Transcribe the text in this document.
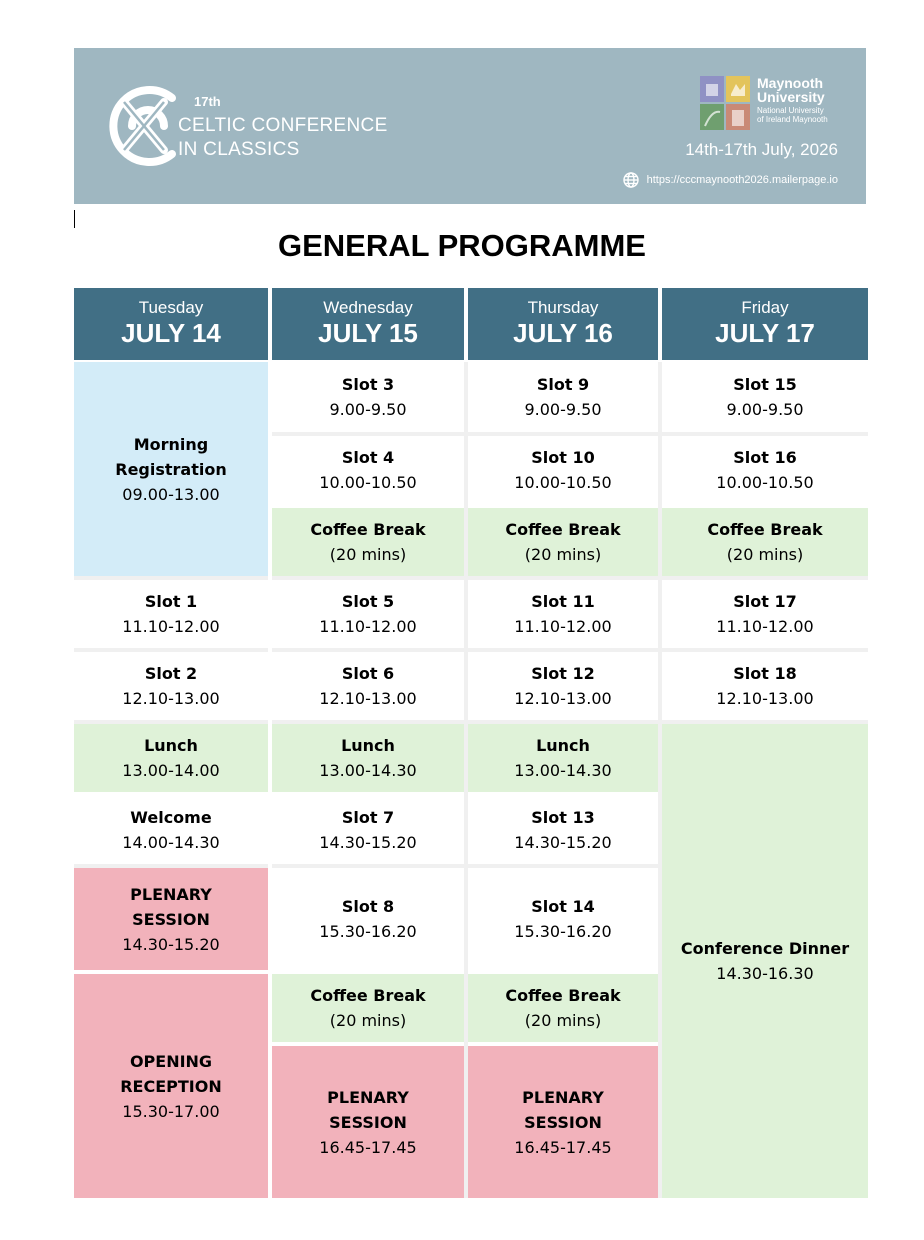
17th
CELTIC CONFERENCE
IN CLASSICS
Maynooth
University
National University
of Ireland Maynooth
14th-17th July, 2026
https://cccmaynooth2026.mailerpage.io
GENERAL PROGRAMME
Tuesday
JULY 14
Wednesday
JULY 15
Thursday
JULY 16
Friday
JULY 17
Morning
Registration
09.00-13.00
Slot 1
11.10-12.00
Slot 2
12.10-13.00
Lunch
13.00-14.00
Welcome
14.00-14.30
PLENARY
SESSION
14.30-15.20
OPENING
RECEPTION
15.30-17.00
Slot 3
9.00-9.50
Slot 4
10.00-10.50
Coffee Break
(20 mins)
Slot 5
11.10-12.00
Slot 6
12.10-13.00
Lunch
13.00-14.30
Slot 7
14.30-15.20
Slot 8
15.30-16.20
Coffee Break
(20 mins)
PLENARY
SESSION
16.45-17.45
Slot 9
9.00-9.50
Slot 10
10.00-10.50
Coffee Break
(20 mins)
Slot 11
11.10-12.00
Slot 12
12.10-13.00
Lunch
13.00-14.30
Slot 13
14.30-15.20
Slot 14
15.30-16.20
Coffee Break
(20 mins)
PLENARY
SESSION
16.45-17.45
Slot 15
9.00-9.50
Slot 16
10.00-10.50
Coffee Break
(20 mins)
Slot 17
11.10-12.00
Slot 18
12.10-13.00
Conference Dinner
14.30-16.30
